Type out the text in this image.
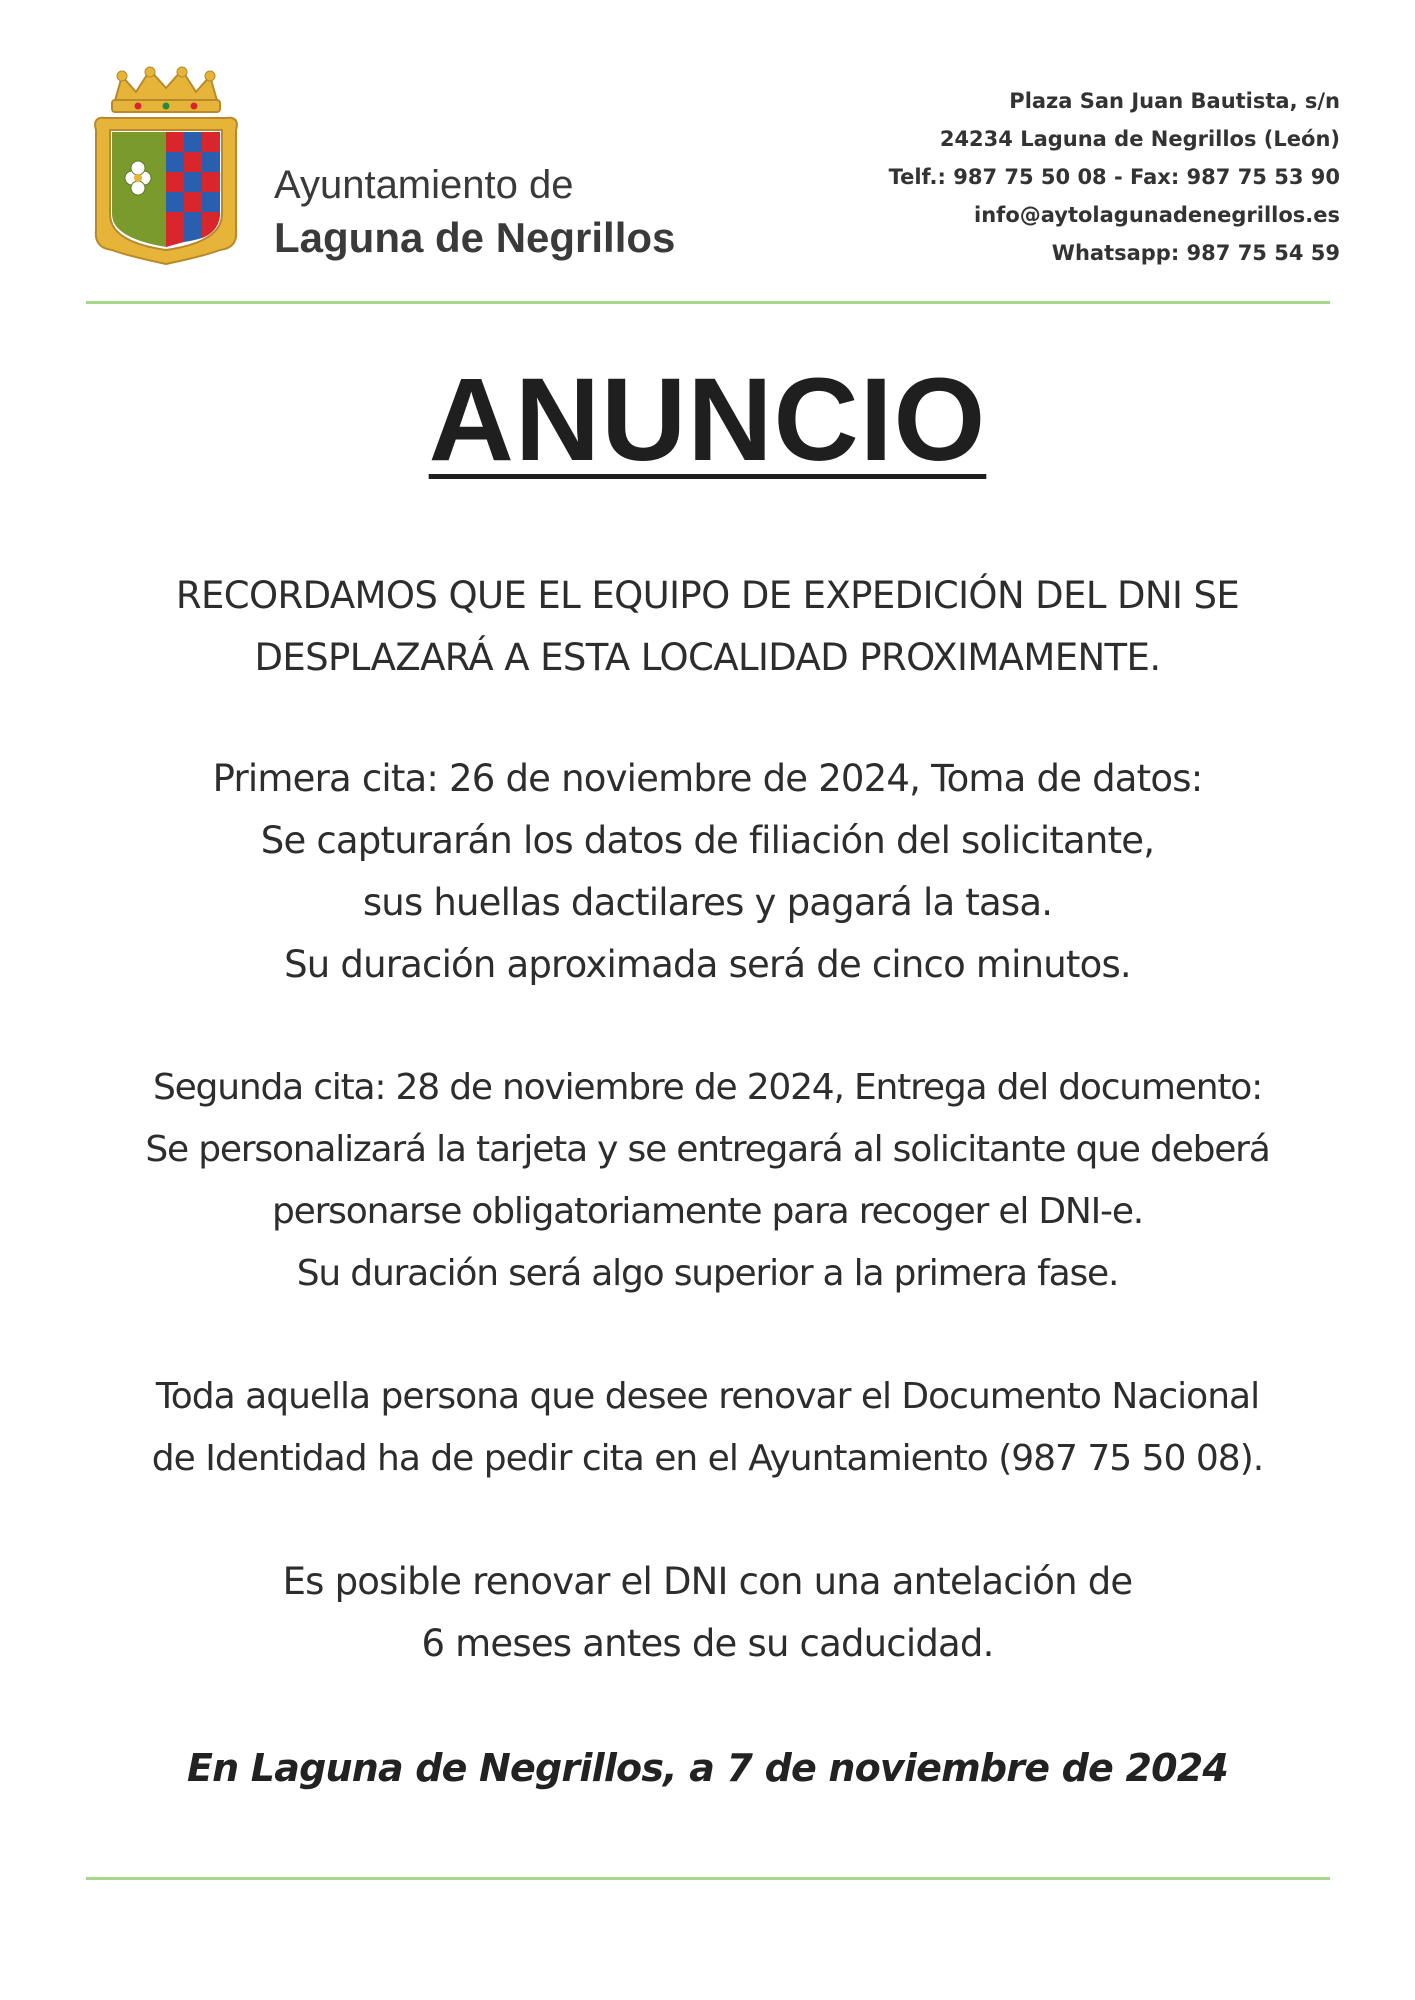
Ayuntamiento de
Laguna de Negrillos
Plaza San Juan Bautista, s/n
24234 Laguna de Negrillos (León)
Telf.: 987 75 50 08 - Fax: 987 75 53 90
info@aytolagunadenegrillos.es
Whatsapp: 987 75 54 59
ANUNCIO
RECORDAMOS QUE EL EQUIPO DE EXPEDICIÓN DEL DNI SE
DESPLAZARÁ A ESTA LOCALIDAD PROXIMAMENTE.
Primera cita: 26 de noviembre de 2024, Toma de datos:
Se capturarán los datos de filiación del solicitante,
sus huellas dactilares y pagará la tasa.
Su duración aproximada será de cinco minutos.
Segunda cita: 28 de noviembre de 2024, Entrega del documento:
Se personalizará la tarjeta y se entregará al solicitante que deberá
personarse obligatoriamente para recoger el DNI-e.
Su duración será algo superior a la primera fase.
Toda aquella persona que desee renovar el Documento Nacional
de Identidad ha de pedir cita en el Ayuntamiento (987 75 50 08).
Es posible renovar el DNI con una antelación de
6 meses antes de su caducidad.
En Laguna de Negrillos, a 7 de noviembre de 2024
